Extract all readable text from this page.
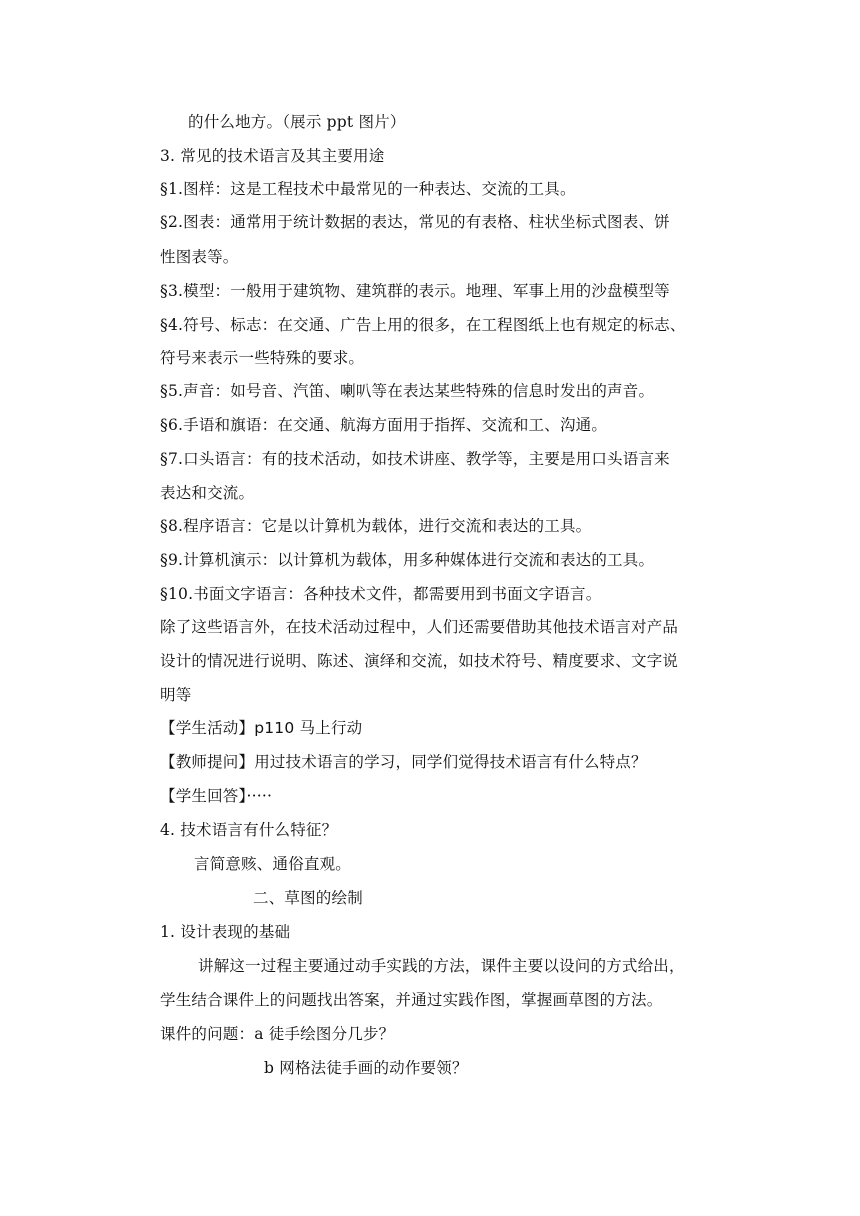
的什么地方。（展示 ppt 图片）
3. 常见的技术语言及其主要用途
§1.图样：这是工程技术中最常见的一种表达、交流的工具。
§2.图表：通常用于统计数据的表达，常见的有表格、柱状坐标式图表、饼
性图表等。
§3.模型：一般用于建筑物、建筑群的表示。地理、军事上用的沙盘模型等
§4.符号、标志：在交通、广告上用的很多，在工程图纸上也有规定的标志、
符号来表示一些特殊的要求。
§5.声音：如号音、汽笛、喇叭等在表达某些特殊的信息时发出的声音。
§6.手语和旗语：在交通、航海方面用于指挥、交流和工、沟通。
§7.口头语言：有的技术活动，如技术讲座、教学等，主要是用口头语言来
表达和交流。
§8.程序语言：它是以计算机为载体，进行交流和表达的工具。
§9.计算机演示：以计算机为载体，用多种媒体进行交流和表达的工具。
§10.书面文字语言：各种技术文件，都需要用到书面文字语言。
除了这些语言外，在技术活动过程中，人们还需要借助其他技术语言对产品
设计的情况进行说明、陈述、演绎和交流，如技术符号、精度要求、文字说
明等
【学生活动】p110 马上行动
【教师提问】用过技术语言的学习，同学们觉得技术语言有什么特点？
【学生回答】·····
4. 技术语言有什么特征？
言简意赅、通俗直观。
二、草图的绘制
1. 设计表现的基础
讲解这一过程主要通过动手实践的方法，课件主要以设问的方式给出，
学生结合课件上的问题找出答案，并通过实践作图，掌握画草图的方法。
课件的问题：a 徒手绘图分几步？
b 网格法徒手画的动作要领？
